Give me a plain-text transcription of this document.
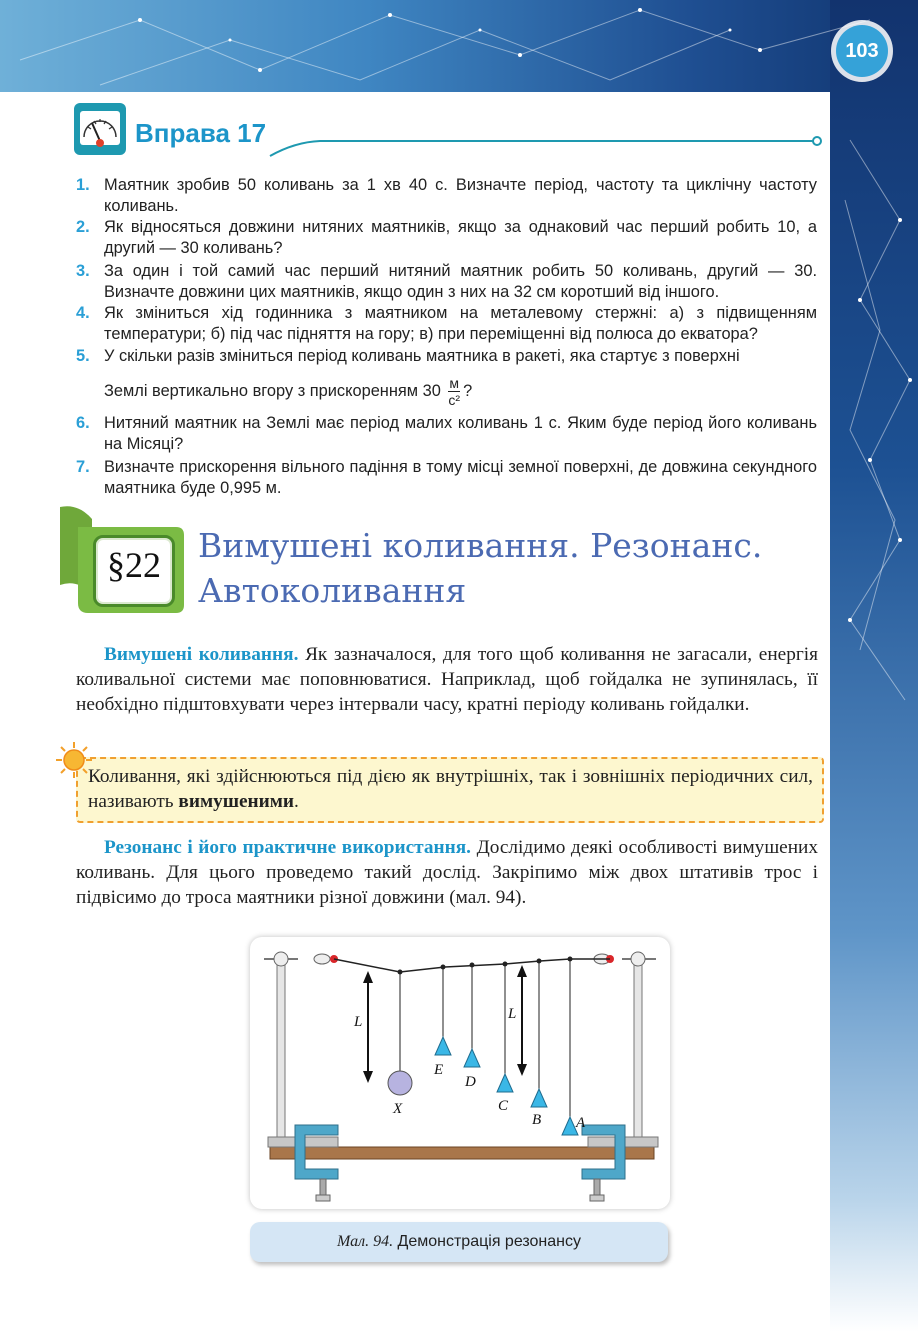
103
Вправа 17
1. Маятник зробив 50 коливань за 1 хв 40 с. Визначте період, частоту та циклічну частоту коливань.
2. Як відносяться довжини нитяних маятників, якщо за однаковий час перший робить 10, а другий — 30 коливань?
3. За один і той самий час перший нитяний маятник робить 50 коливань, другий — 30. Визначте довжини цих маятників, якщо один з них на 32 см коротший від іншого.
4. Як зміниться хід годинника з маятником на металевому стержні: а) з підвищенням температури; б) під час підняття на гору; в) при переміщенні від полюса до екватора?
5. У скільки разів зміниться період коливань маятника в ракеті, яка стартує з поверхні
Землі вертикально вгору з прискоренням $30 \frac{м}{\text{с²}}$ ?
6. Нитяний маятник на Землі має період малих коливань 1 с. Яким буде період його коливань на Місяці?
7. Визначте прискорення вільного падіння в тому місці земної поверхні, де довжина секундного маятника буде 0,995 м.
§22	Вимушені коливання. Резонанс.
Автоколивання
Вимушені коливання. Як зазначалося, для того щоб коливання не загасали, енергія коливальної системи має поповнюватися. Наприклад, щоб гойдалка не зупинялась, її необхідно підштовхувати через інтервали часу, кратні періоду коливань гойдалки.
Коливання, які здійснюються під дією як внутрішніх, так і зовнішніх періодичних сил, називають вимушеними.
Резонанс і його практичне використання. Дослідимо деякі особливості вимушених коливань. Для цього проведемо такий дослід. Закріпимо між двох штативів трос і підвісимо до троса маятники різної довжини (мал. 94).
L	L
X
E
D
C
B A
Мал. 94. Демонстрація резонансу
